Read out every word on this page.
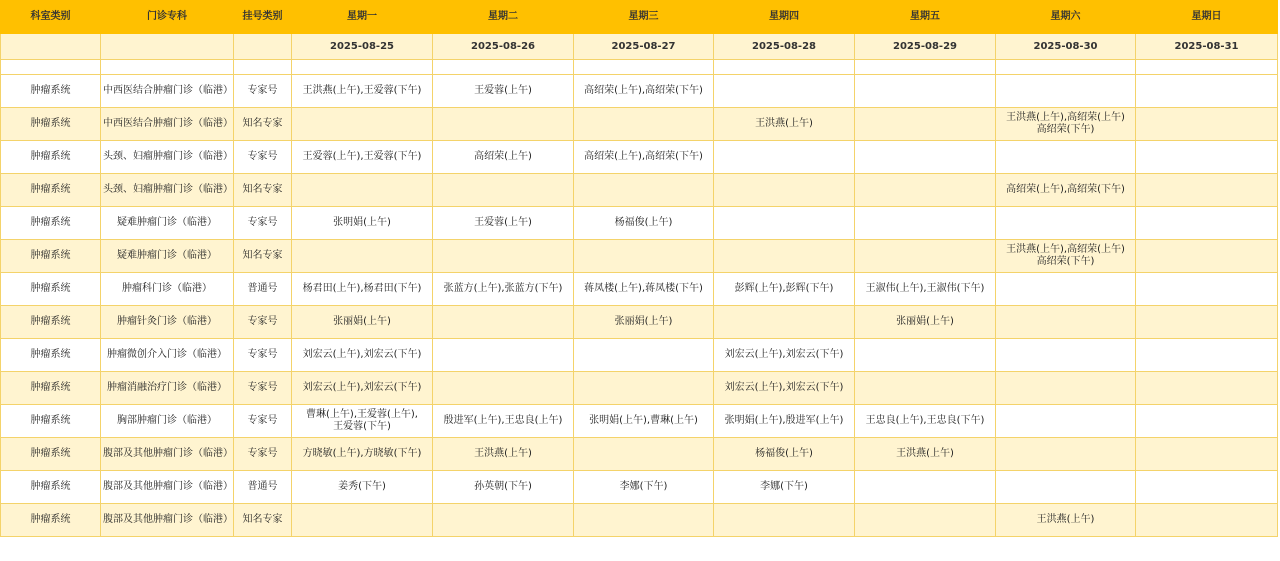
科室类别	门诊专科	挂号类别	星期一	星期二	星期三	星期四	星期五	星期六	星期日
			2025-08-25	2025-08-26	2025-08-27	2025-08-28	2025-08-29	2025-08-30	2025-08-31

肿瘤系统	中西医结合肿瘤门诊（临港）	专家号	王洪燕(上午),王爱蓉(下午)	王爱蓉(上午)	高绍荣(上午),高绍荣(下午)				
肿瘤系统	中西医结合肿瘤门诊（临港）	知名专家				王洪燕(上午)		王洪燕(上午),高绍荣(上午)
高绍荣(下午)	
肿瘤系统	头颈、妇瘤肿瘤门诊（临港）	专家号	王爱蓉(上午),王爱蓉(下午)	高绍荣(上午)	高绍荣(上午),高绍荣(下午)				
肿瘤系统	头颈、妇瘤肿瘤门诊（临港）	知名专家						高绍荣(上午),高绍荣(下午)	
肿瘤系统	疑难肿瘤门诊（临港）	专家号	张明娟(上午)	王爱蓉(上午)	杨福俊(上午)				
肿瘤系统	疑难肿瘤门诊（临港）	知名专家						王洪燕(上午),高绍荣(上午)
高绍荣(下午)	
肿瘤系统	肿瘤科门诊（临港）	普通号	杨君田(上午),杨君田(下午)	张蓝方(上午),张蓝方(下午)	蒋凤楼(上午),蒋凤楼(下午)	彭辉(上午),彭辉(下午)	王淑伟(上午),王淑伟(下午)		
肿瘤系统	肿瘤针灸门诊（临港）	专家号	张丽娟(上午)		张丽娟(上午)		张丽娟(上午)		
肿瘤系统	肿瘤微创介入门诊（临港）	专家号	刘宏云(上午),刘宏云(下午)			刘宏云(上午),刘宏云(下午)			
肿瘤系统	肿瘤消融治疗门诊（临港）	专家号	刘宏云(上午),刘宏云(下午)			刘宏云(上午),刘宏云(下午)			
肿瘤系统	胸部肿瘤门诊（临港）	专家号	曹琳(上午),王爱蓉(上午),
王爱蓉(下午)	殷进军(上午),王忠良(上午)	张明娟(上午),曹琳(上午)	张明娟(上午),殷进军(上午)	王忠良(上午),王忠良(下午)		
肿瘤系统	腹部及其他肿瘤门诊（临港）	专家号	方晓敏(上午),方晓敏(下午)	王洪燕(上午)		杨福俊(上午)	王洪燕(上午)		
肿瘤系统	腹部及其他肿瘤门诊（临港）	普通号	姜秀(下午)	孙英朝(下午)	李娜(下午)	李娜(下午)			
肿瘤系统	腹部及其他肿瘤门诊（临港）	知名专家						王洪燕(上午)	
